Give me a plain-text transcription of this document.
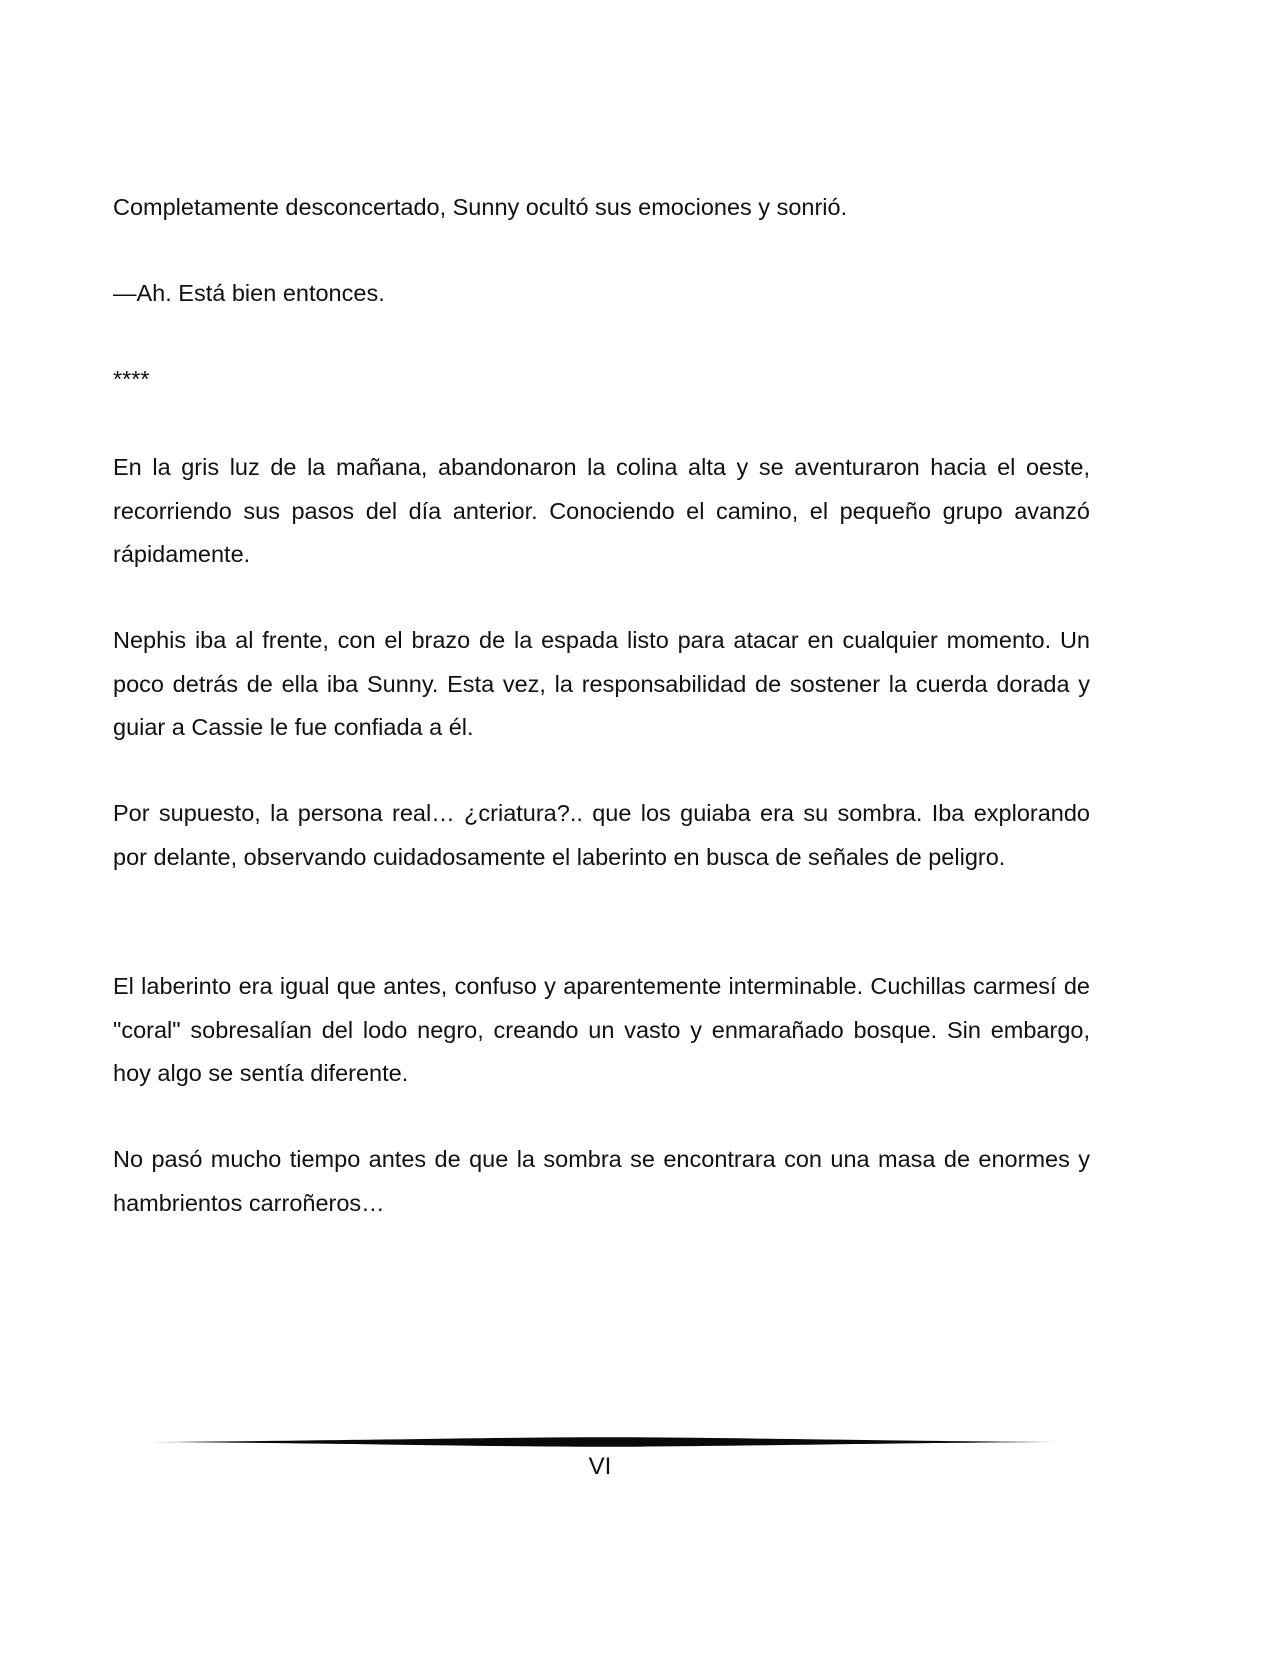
Completamente desconcertado, Sunny ocultó sus emociones y sonrió.

—Ah. Está bien entonces.

****

En la gris luz de la mañana, abandonaron la colina alta y se aventuraron hacia el oeste, recorriendo sus pasos del día anterior. Conociendo el camino, el pequeño grupo avanzó rápidamente.

Nephis iba al frente, con el brazo de la espada listo para atacar en cualquier momento. Un poco detrás de ella iba Sunny. Esta vez, la responsabilidad de sostener la cuerda dorada y guiar a Cassie le fue confiada a él.

Por supuesto, la persona real… ¿criatura?.. que los guiaba era su sombra. Iba explorando por delante, observando cuidadosamente el laberinto en busca de señales de peligro.

El laberinto era igual que antes, confuso y aparentemente interminable. Cuchillas carmesí de "coral" sobresalían del lodo negro, creando un vasto y enmarañado bosque. Sin embargo, hoy algo se sentía diferente.

No pasó mucho tiempo antes de que la sombra se encontrara con una masa de enormes y hambrientos carroñeros…

VI
